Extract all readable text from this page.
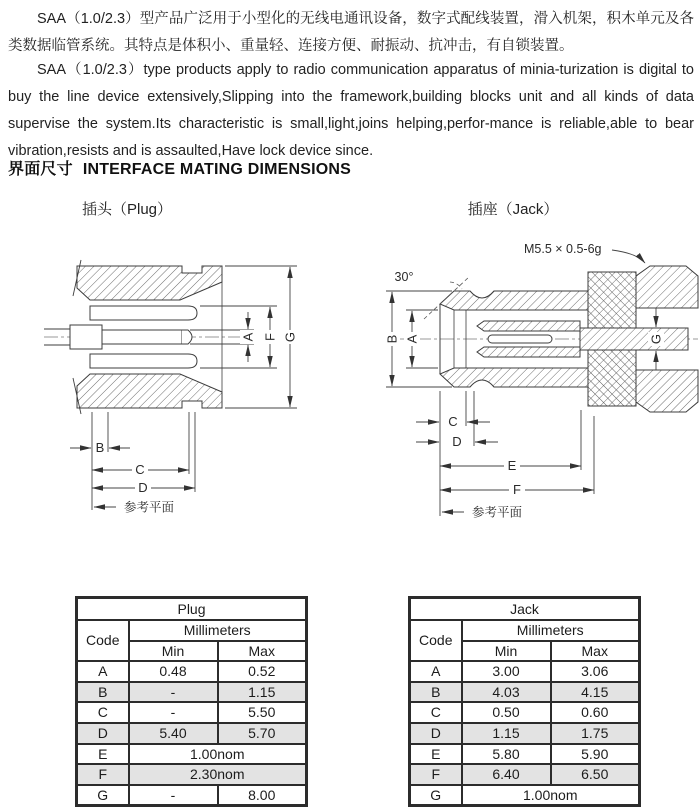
SAA（1.0/2.3）型产品广泛用于小型化的无线电通讯设备，数字式配线装置，滑入机架，积木单元及各类数据临管系统。其特点是体积小、重量轻、连接方便、耐振动、抗冲击，有自锁装置。

SAA（1.0/2.3）type products apply to radio communication apparatus of minia-turization is digital to buy the line device extensively,Slipping into the framework,building blocks unit and all kinds of data supervise the system.Its characteristic is small,light,joins helping,perfor-mance is reliable,able to bear vibration,resists and is assaulted,Have lock device since.

界面尺寸 INTERFACE MATING DIMENSIONS
插头（Plug）	插座（Jack）
A F G
B
C
D
参考平面
M5.5 × 0.5-6g
30°
B A	G
C
D
E
F
参考平面
Plug		
Code	Millimeters	
	Min	Max
A	0.48	0.52
B	-	1.15
C	-	5.50
D	5.40	5.70
E	1.00nom	
F	2.30nom	
G	-	8.00
Jack		
Code	Millimeters	
	Min	Max
A	3.00	3.06
B	4.03	4.15
C	0.50	0.60
D	1.15	1.75
E	5.80	5.90
F	6.40	6.50
G	1.00nom	
